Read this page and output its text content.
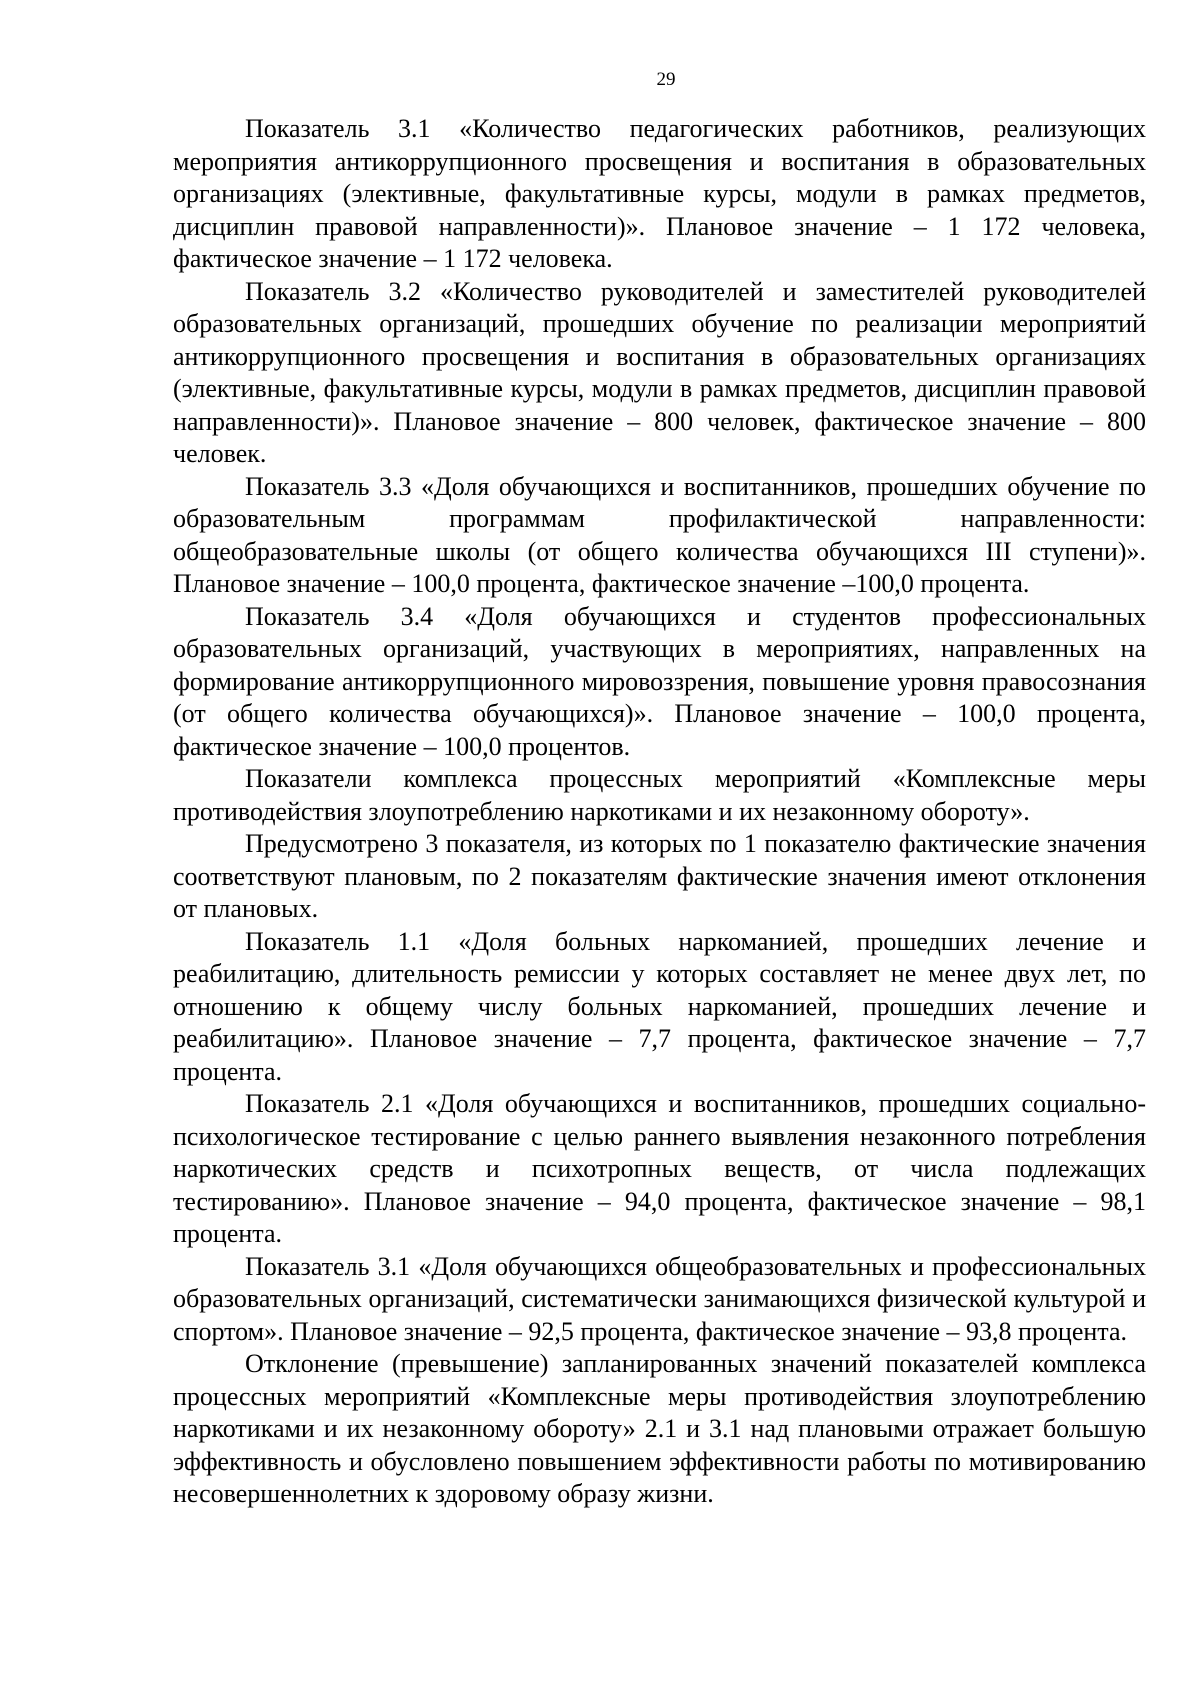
29

Показатель 3.1 «Количество педагогических работников, реализующих мероприятия антикоррупционного просвещения и воспитания в образовательных организациях (элективные, факультативные курсы, модули в рамках предметов, дисциплин правовой направленности)». Плановое значение – 1 172 человека, фактическое значение – 1 172 человека.

Показатель 3.2 «Количество руководителей и заместителей руководителей образовательных организаций, прошедших обучение по реализации мероприятий антикоррупционного просвещения и воспитания в образовательных организациях (элективные, факультативные курсы, модули в рамках предметов, дисциплин правовой направленности)». Плановое значение – 800 человек, фактическое значение – 800 человек.

Показатель 3.3 «Доля обучающихся и воспитанников, прошедших обучение по образовательным программам профилактической направленности: общеобразовательные школы (от общего количества обучающихся III ступени)». Плановое значение – 100,0 процента, фактическое значение –100,0 процента.

Показатель 3.4 «Доля обучающихся и студентов профессиональных образовательных организаций, участвующих в мероприятиях, направленных на формирование антикоррупционного мировоззрения, повышение уровня правосознания (от общего количества обучающихся)». Плановое значение – 100,0 процента, фактическое значение – 100,0 процентов.

Показатели комплекса процессных мероприятий «Комплексные меры противодействия злоупотреблению наркотиками и их незаконному обороту».

Предусмотрено 3 показателя, из которых по 1 показателю фактические значения соответствуют плановым, по 2 показателям фактические значения имеют отклонения от плановых.

Показатель 1.1 «Доля больных наркоманией, прошедших лечение и реабилитацию, длительность ремиссии у которых составляет не менее двух лет, по отношению к общему числу больных наркоманией, прошедших лечение и реабилитацию». Плановое значение – 7,7 процента, фактическое значение – 7,7 процента.

Показатель 2.1 «Доля обучающихся и воспитанников, прошедших социально-психологическое тестирование с целью раннего выявления незаконного потребления наркотических средств и психотропных веществ, от числа подлежащих тестированию». Плановое значение – 94,0 процента, фактическое значение – 98,1 процента.

Показатель 3.1 «Доля обучающихся общеобразовательных и профессиональных образовательных организаций, систематически занимающихся физической культурой и спортом». Плановое значение – 92,5 процента, фактическое значение – 93,8 процента.

Отклонение (превышение) запланированных значений показателей комплекса процессных мероприятий «Комплексные меры противодействия злоупотреблению наркотиками и их незаконному обороту» 2.1 и 3.1 над плановыми отражает большую эффективность и обусловлено повышением эффективности работы по мотивированию несовершеннолетних к здоровому образу жизни.
